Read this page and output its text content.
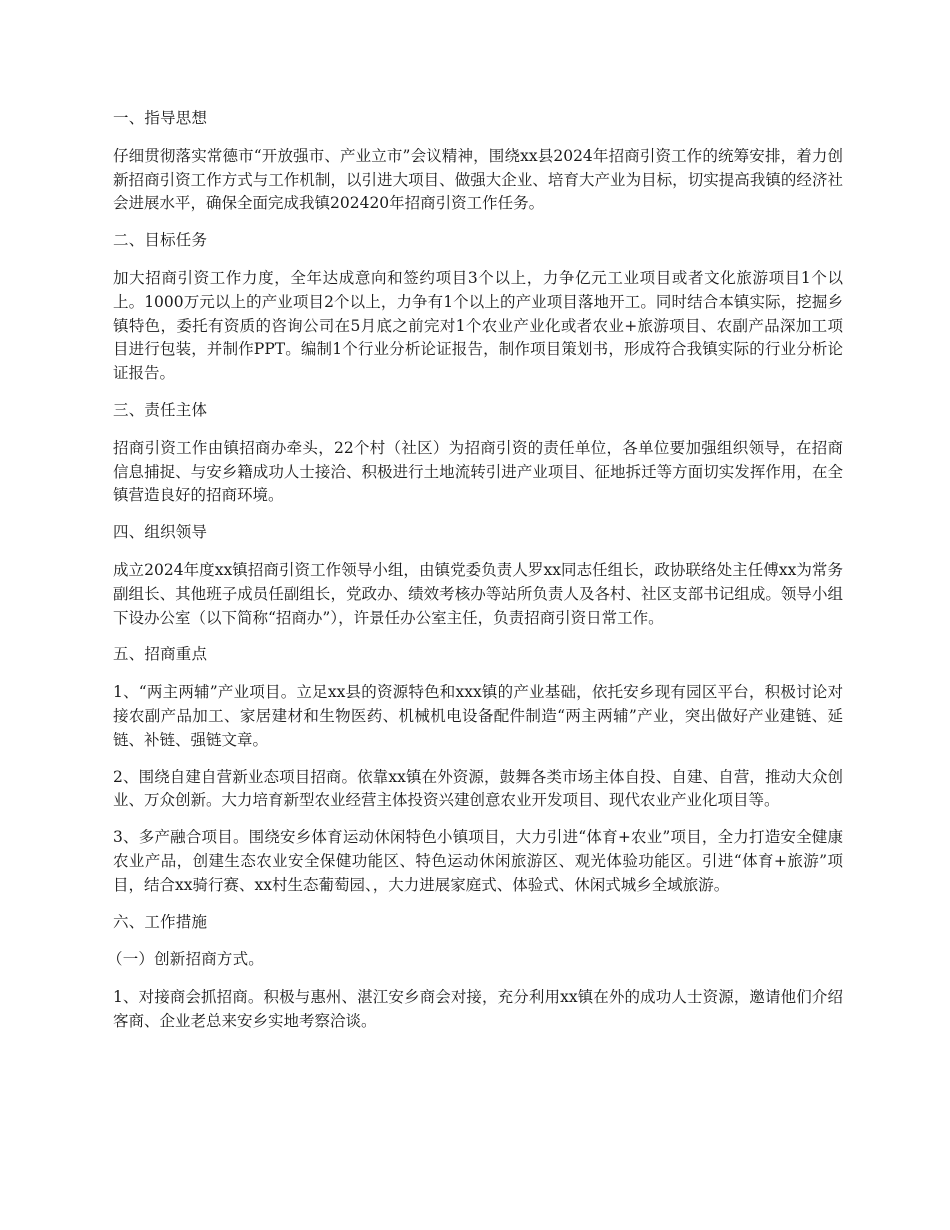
一、指导思想
仔细贯彻落实常德市“开放强市、产业立市”会议精神，围绕xx县2024年招商引资工作的统筹安排，着力创新招商引资工作方式与工作机制，以引进大项目、做强大企业、培育大产业为目标，切实提高我镇的经济社会进展水平，确保全面完成我镇202420年招商引资工作任务。
二、目标任务
加大招商引资工作力度，全年达成意向和签约项目3个以上，力争亿元工业项目或者文化旅游项目1个以上。1000万元以上的产业项目2个以上，力争有1个以上的产业项目落地开工。同时结合本镇实际，挖掘乡镇特色，委托有资质的咨询公司在5月底之前完对1个农业产业化或者农业+旅游项目、农副产品深加工项目进行包装，并制作PPT。编制1个行业分析论证报告，制作项目策划书，形成符合我镇实际的行业分析论证报告。
三、责任主体
招商引资工作由镇招商办牵头，22个村（社区）为招商引资的责任单位，各单位要加强组织领导，在招商信息捕捉、与安乡籍成功人士接洽、积极进行土地流转引进产业项目、征地拆迁等方面切实发挥作用，在全镇营造良好的招商环境。
四、组织领导
成立2024年度xx镇招商引资工作领导小组，由镇党委负责人罗xx同志任组长，政协联络处主任傅xx为常务副组长、其他班子成员任副组长，党政办、绩效考核办等站所负责人及各村、社区支部书记组成。领导小组下设办公室（以下简称“招商办”），许景任办公室主任，负责招商引资日常工作。
五、招商重点
1、“两主两辅”产业项目。立足xx县的资源特色和xxx镇的产业基础，依托安乡现有园区平台，积极讨论对接农副产品加工、家居建材和生物医药、机械机电设备配件制造“两主两辅”产业，突出做好产业建链、延链、补链、强链文章。
2、围绕自建自营新业态项目招商。依靠xx镇在外资源，鼓舞各类市场主体自投、自建、自营，推动大众创业、万众创新。大力培育新型农业经营主体投资兴建创意农业开发项目、现代农业产业化项目等。
3、多产融合项目。围绕安乡体育运动休闲特色小镇项目，大力引进“体育+农业”项目，全力打造安全健康农业产品，创建生态农业安全保健功能区、特色运动休闲旅游区、观光体验功能区。引进“体育+旅游”项目，结合xx骑行赛、xx村生态葡萄园、，大力进展家庭式、体验式、休闲式城乡全域旅游。
六、工作措施
（一）创新招商方式。
1、对接商会抓招商。积极与惠州、湛江安乡商会对接，充分利用xx镇在外的成功人士资源，邀请他们介绍客商、企业老总来安乡实地考察洽谈。
